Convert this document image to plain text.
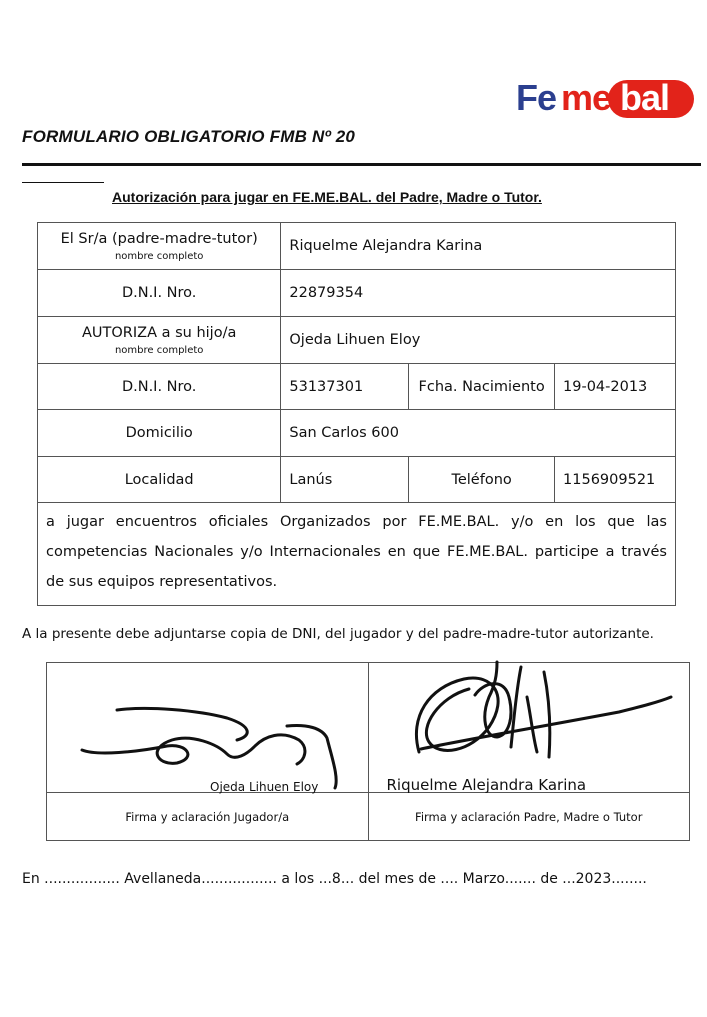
Fe me bal
FORMULARIO OBLIGATORIO FMB Nº 20
Autorización para jugar en FE.ME.BAL. del Padre, Madre o Tutor.
El Sr/a (padre-madre-tutor)
nombre completo	Riquelme Alejandra Karina		
D.N.I. Nro.	22879354		
AUTORIZA a su hijo/a
nombre completo	Ojeda Lihuen Eloy		
D.N.I. Nro.	53137301	Fcha. Nacimiento	19-04-2013
Domicilio	San Carlos 600		
Localidad	Lanús	Teléfono	1156909521
a jugar encuentros oficiales Organizados por FE.ME.BAL. y/o en los que las competencias Nacionales y/o Internacionales en que FE.ME.BAL. participe a través de sus equipos representativos.			
A la presente debe adjuntarse copia de DNI, del jugador y del padre-madre-tutor autorizante.
Ojeda Lihuen Eloy	Riquelme Alejandra Karina

Firma y aclaración Jugador/a	Firma y aclaración Padre, Madre o Tutor
En ................. Avellaneda................. a los ...8... del mes de .... Marzo....... de ...2023........
